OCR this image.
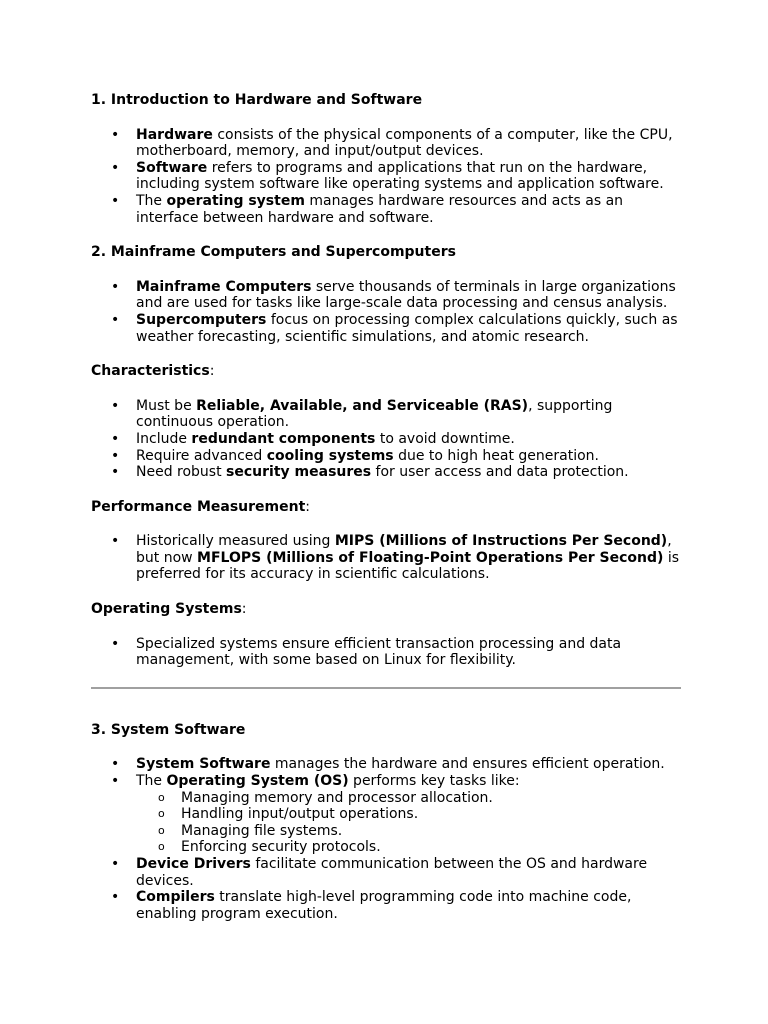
1. Introduction to Hardware and Software
• Hardware consists of the physical components of a computer, like the CPU, motherboard, memory, and input/output devices.
• Software refers to programs and applications that run on the hardware, including system software like operating systems and application software.
• The operating system manages hardware resources and acts as an interface between hardware and software.
2. Mainframe Computers and Supercomputers
• Mainframe Computers serve thousands of terminals in large organizations and are used for tasks like large-scale data processing and census analysis.
• Supercomputers focus on processing complex calculations quickly, such as weather forecasting, scientific simulations, and atomic research.

Characteristics:

• Must be Reliable, Available, and Serviceable (RAS), supporting continuous operation.
• Include redundant components to avoid downtime.
• Require advanced cooling systems due to high heat generation.
• Need robust security measures for user access and data protection.

Performance Measurement:

• Historically measured using MIPS (Millions of Instructions Per Second), but now MFLOPS (Millions of Floating-Point Operations Per Second) is preferred for its accuracy in scientific calculations.

Operating Systems:

• Specialized systems ensure efficient transaction processing and data management, with some based on Linux for flexibility.
3. System Software
• System Software manages the hardware and ensures efficient operation.
• The Operating System (OS) performs key tasks like:
o Managing memory and processor allocation.
o Handling input/output operations.
o Managing file systems.
o Enforcing security protocols.
• Device Drivers facilitate communication between the OS and hardware devices.
• Compilers translate high-level programming code into machine code, enabling program execution.
